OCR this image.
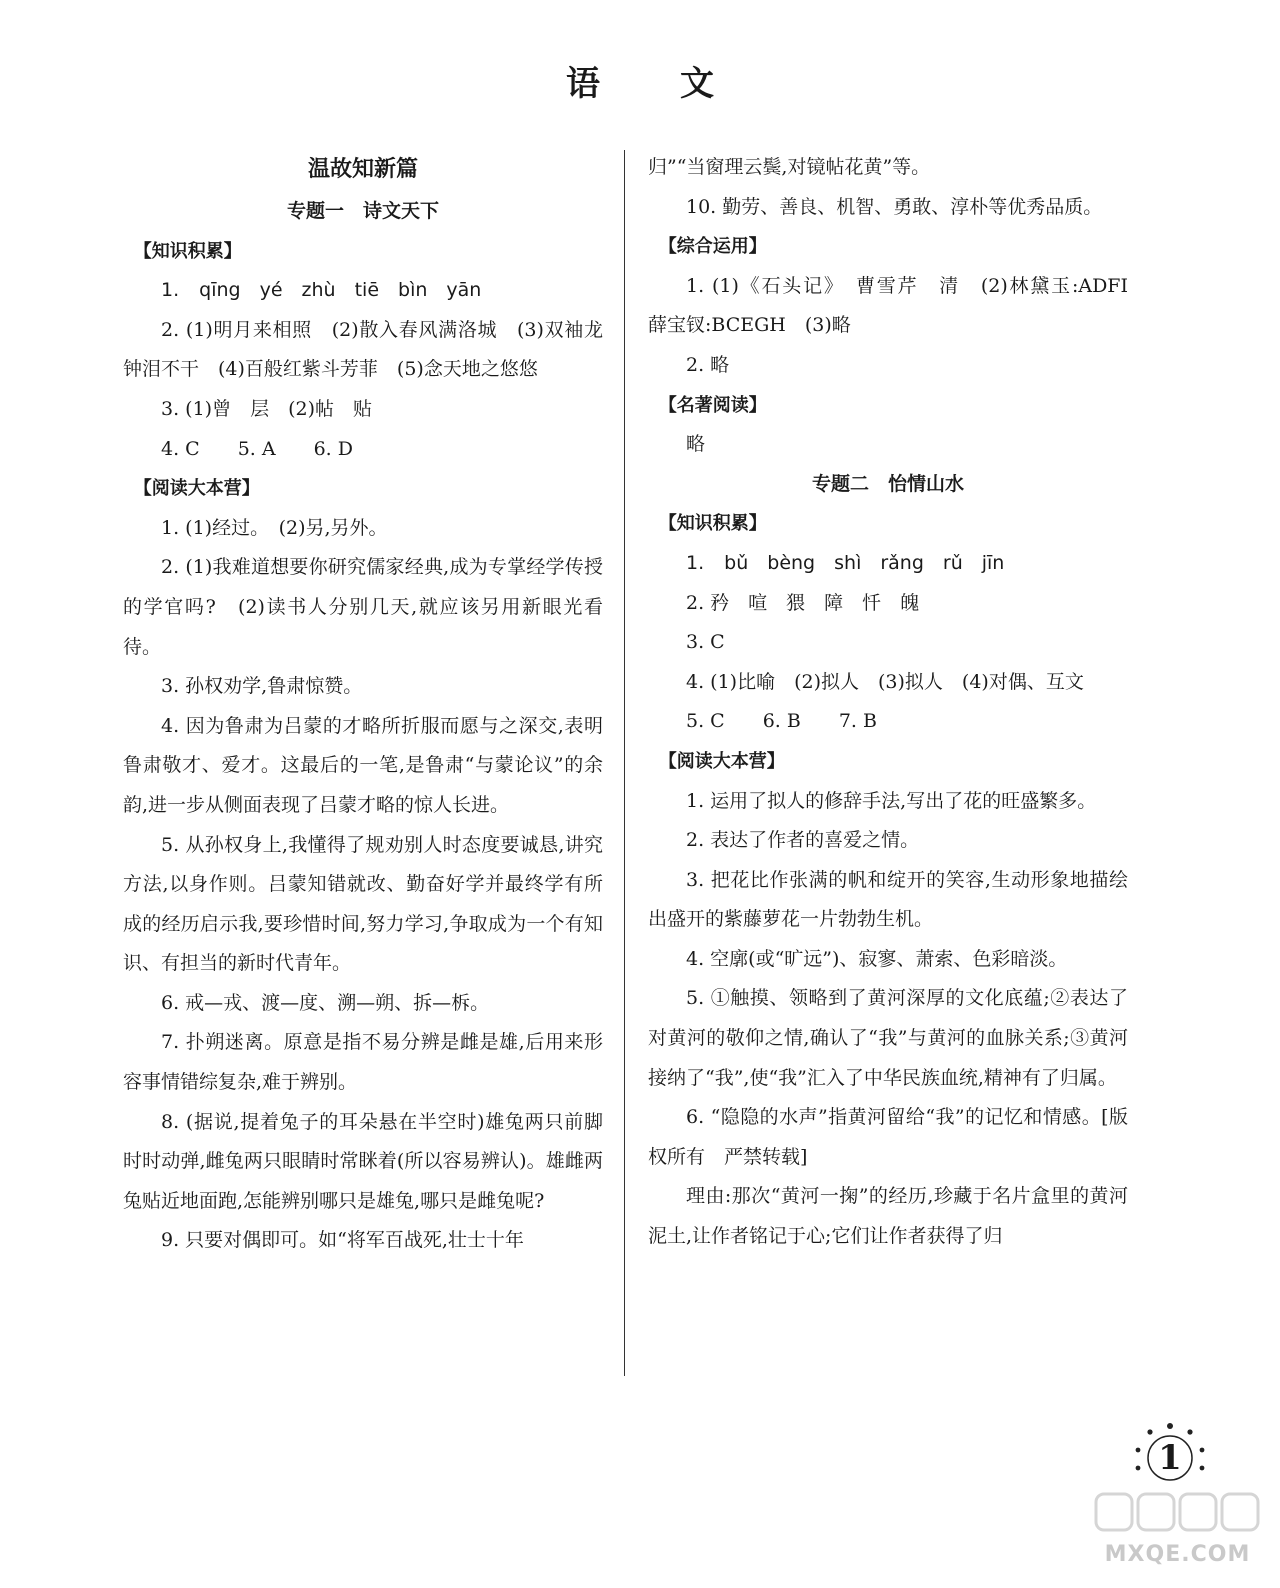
语 文

温故知新篇

专题一　诗文天下

【知识积累】

1. qīng　yé　zhù　tiē　bìn　yān

2. (1)明月来相照　(2)散入春风满洛城　(3)双袖龙钟泪不干　(4)百般红紫斗芳菲　(5)念天地之悠悠

3. (1)曾　层　(2)帖　贴

4. C　　5. A　　6. D

【阅读大本营】

1. (1)经过。　(2)另,另外。

2. (1)我难道想要你研究儒家经典,成为专掌经学传授的学官吗?　(2)读书人分别几天,就应该另用新眼光看待。

3. 孙权劝学,鲁肃惊赞。

4. 因为鲁肃为吕蒙的才略所折服而愿与之深交,表明鲁肃敬才、爱才。这最后的一笔,是鲁肃“与蒙论议”的余韵,进一步从侧面表现了吕蒙才略的惊人长进。

5. 从孙权身上,我懂得了规劝别人时态度要诚恳,讲究方法,以身作则。吕蒙知错就改、勤奋好学并最终学有所成的经历启示我,要珍惜时间,努力学习,争取成为一个有知识、有担当的新时代青年。

6. 戒—戎、渡—度、溯—朔、拆—柝。

7. 扑朔迷离。原意是指不易分辨是雌是雄,后用来形容事情错综复杂,难于辨别。

8. (据说,提着兔子的耳朵悬在半空时)雄兔两只前脚时时动弹,雌兔两只眼睛时常眯着(所以容易辨认)。雄雌两兔贴近地面跑,怎能辨别哪只是雄兔,哪只是雌兔呢?

9. 只要对偶即可。如“将军百战死,壮士十年

归”“当窗理云鬓,对镜帖花黄”等。

10. 勤劳、善良、机智、勇敢、淳朴等优秀品质。

【综合运用】

1. (1)《石头记》　曹雪芹　清　(2)林黛玉:ADFI　薛宝钗:BCEGH　(3)略

2. 略

【名著阅读】

略

专题二　怡情山水

【知识积累】

1. bǔ　bèng　shì　rǎng　rǔ　jīn

2. 矜　喧　猥　障　忏　魄

3. C

4. (1)比喻　(2)拟人　(3)拟人　(4)对偶、互文

5. C　　6. B　　7. B

【阅读大本营】

1. 运用了拟人的修辞手法,写出了花的旺盛繁多。

2. 表达了作者的喜爱之情。

3. 把花比作张满的帆和绽开的笑容,生动形象地描绘出盛开的紫藤萝花一片勃勃生机。

4. 空廓(或“旷远”)、寂寥、萧索、色彩暗淡。

5. ①触摸、领略到了黄河深厚的文化底蕴;②表达了对黄河的敬仰之情,确认了“我”与黄河的血脉关系;③黄河接纳了“我”,使“我”汇入了中华民族血统,精神有了归属。

6. “隐隐的水声”指黄河留给“我”的记忆和情感。[版权所有　严禁转载]

理由:那次“黄河一掬”的经历,珍藏于名片盒里的黄河泥土,让作者铭记于心;它们让作者获得了归

1
MXQE.COM
